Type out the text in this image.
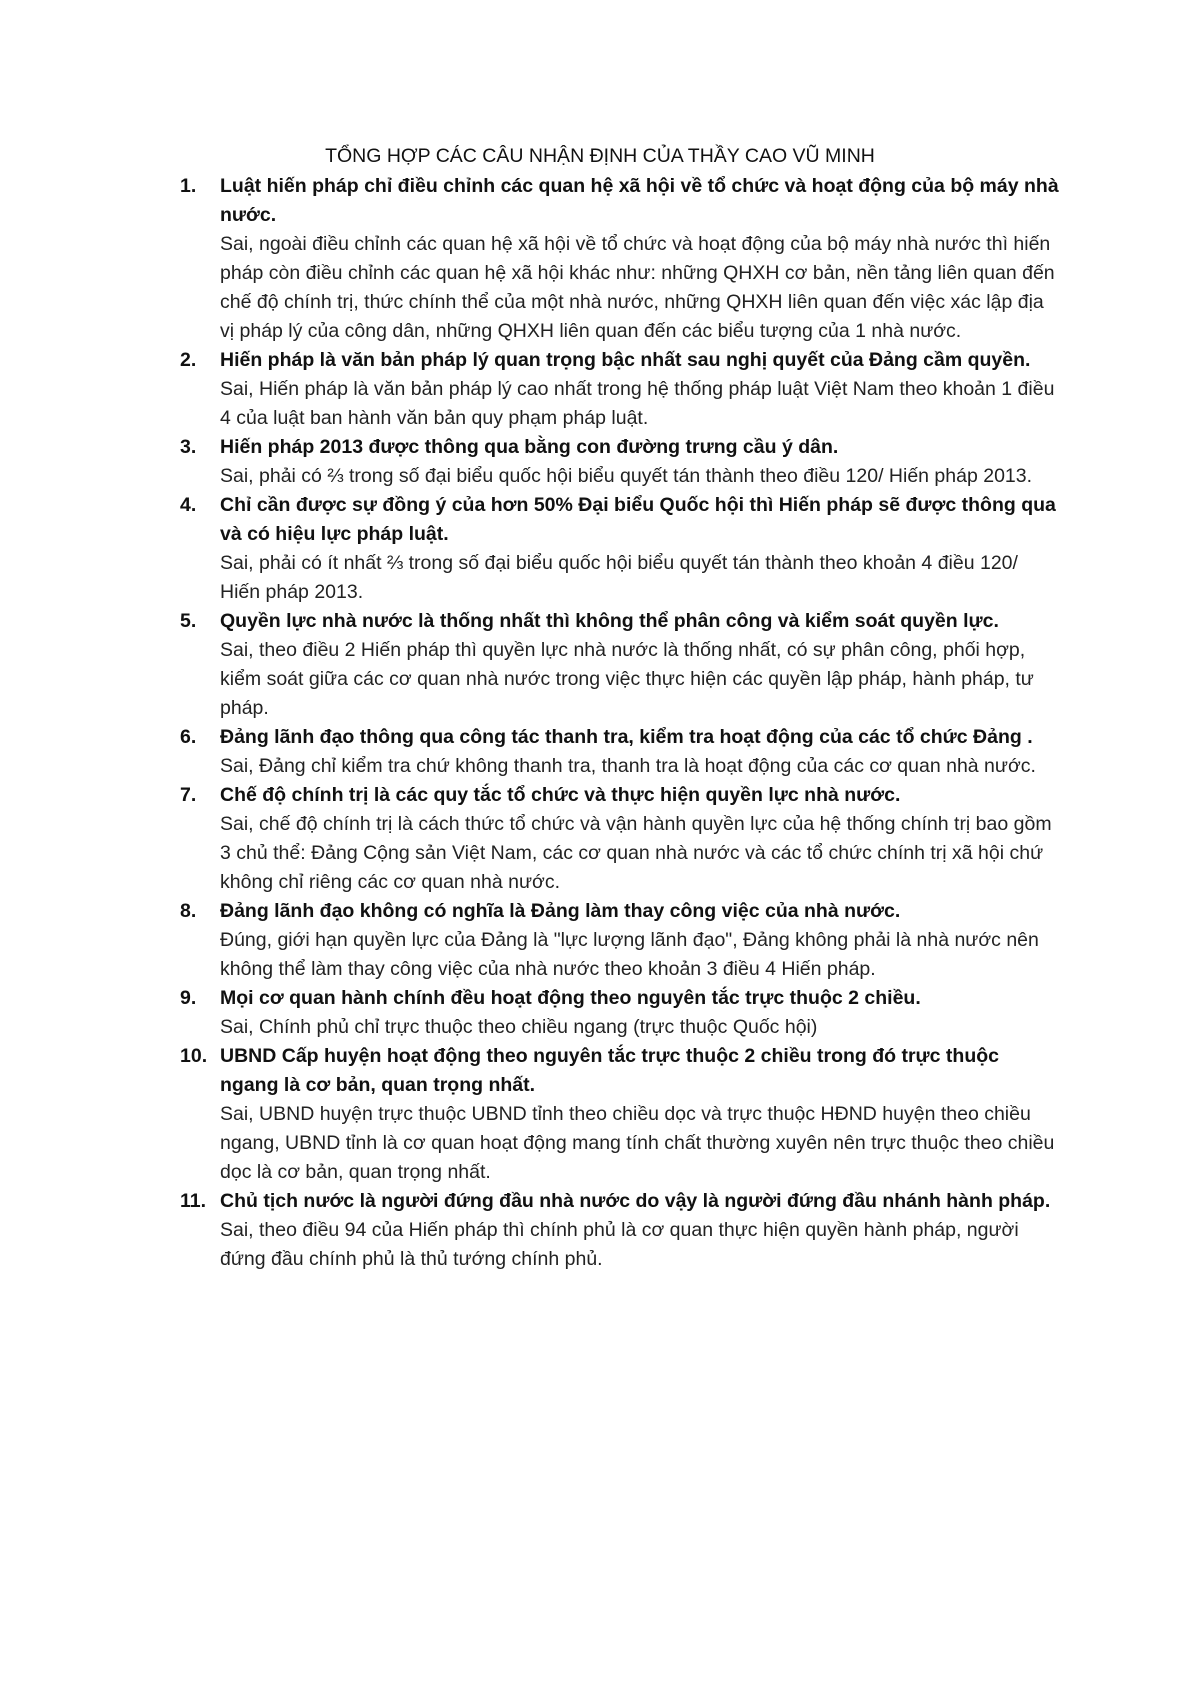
TỔNG HỢP CÁC CÂU NHẬN ĐỊNH CỦA THẦY CAO VŨ MINH
1.	Luật hiến pháp chỉ điều chỉnh các quan hệ xã hội về tổ chức và hoạt động của bộ máy nhà nước.

Sai, ngoài điều chỉnh các quan hệ xã hội về tổ chức và hoạt động của bộ máy nhà nước thì hiến pháp còn điều chỉnh các quan hệ xã hội khác như: những QHXH cơ bản, nền tảng liên quan đến chế độ chính trị, thức chính thể của một nhà nước, những QHXH liên quan đến việc xác lập địa vị pháp lý của công dân, những QHXH liên quan đến các biểu tượng của 1 nhà nước.

2.	Hiến pháp là văn bản pháp lý quan trọng bậc nhất sau nghị quyết của Đảng cầm quyền.

Sai, Hiến pháp là văn bản pháp lý cao nhất trong hệ thống pháp luật Việt Nam theo khoản 1 điều 4 của luật ban hành văn bản quy phạm pháp luật.

3.	Hiến pháp 2013 được thông qua bằng con đường trưng cầu ý dân.

Sai, phải có ⅔ trong số đại biểu quốc hội biểu quyết tán thành theo điều 120/ Hiến pháp 2013.

4.	Chỉ cần được sự đồng ý của hơn 50% Đại biểu Quốc hội thì Hiến pháp sẽ được thông qua và có hiệu lực pháp luật.

Sai, phải có ít nhất ⅔ trong số đại biểu quốc hội biểu quyết tán thành theo khoản 4 điều 120/ Hiến pháp 2013.

5.	Quyền lực nhà nước là thống nhất thì không thể phân công và kiểm soát quyền lực.

Sai, theo điều 2 Hiến pháp thì quyền lực nhà nước là thống nhất, có sự phân công, phối hợp, kiểm soát giữa các cơ quan nhà nước trong việc thực hiện các quyền lập pháp, hành pháp, tư pháp.

6.	Đảng lãnh đạo thông qua công tác thanh tra, kiểm tra hoạt động của các tổ chức Đảng .

Sai, Đảng chỉ kiểm tra chứ không thanh tra, thanh tra là hoạt động của các cơ quan nhà nước.

7.	Chế độ chính trị là các quy tắc tổ chức và thực hiện quyền lực nhà nước.

Sai, chế độ chính trị là cách thức tổ chức và vận hành quyền lực của hệ thống chính trị bao gồm 3 chủ thể: Đảng Cộng sản Việt Nam, các cơ quan nhà nước và các tổ chức chính trị xã hội chứ không chỉ riêng các cơ quan nhà nước.

8.	Đảng lãnh đạo không có nghĩa là Đảng làm thay công việc của nhà nước.

Đúng, giới hạn quyền lực của Đảng là "lực lượng lãnh đạo", Đảng không phải là nhà nước nên không thể làm thay công việc của nhà nước theo khoản 3 điều 4 Hiến pháp.

9.	Mọi cơ quan hành chính đều hoạt động theo nguyên tắc trực thuộc 2 chiều.

Sai, Chính phủ chỉ trực thuộc theo chiều ngang (trực thuộc Quốc hội)

10. UBND Cấp huyện hoạt động theo nguyên tắc trực thuộc 2 chiều trong đó trực thuộc ngang là cơ bản, quan trọng nhất.

Sai, UBND huyện trực thuộc UBND tỉnh theo chiều dọc và trực thuộc HĐND huyện theo chiều ngang, UBND tỉnh là cơ quan hoạt động mang tính chất thường xuyên nên trực thuộc theo chiều dọc là cơ bản, quan trọng nhất.

11. Chủ tịch nước là người đứng đầu nhà nước do vậy là người đứng đầu nhánh hành pháp.

Sai, theo điều 94 của Hiến pháp thì chính phủ là cơ quan thực hiện quyền hành pháp, người đứng đầu chính phủ là thủ tướng chính phủ.
